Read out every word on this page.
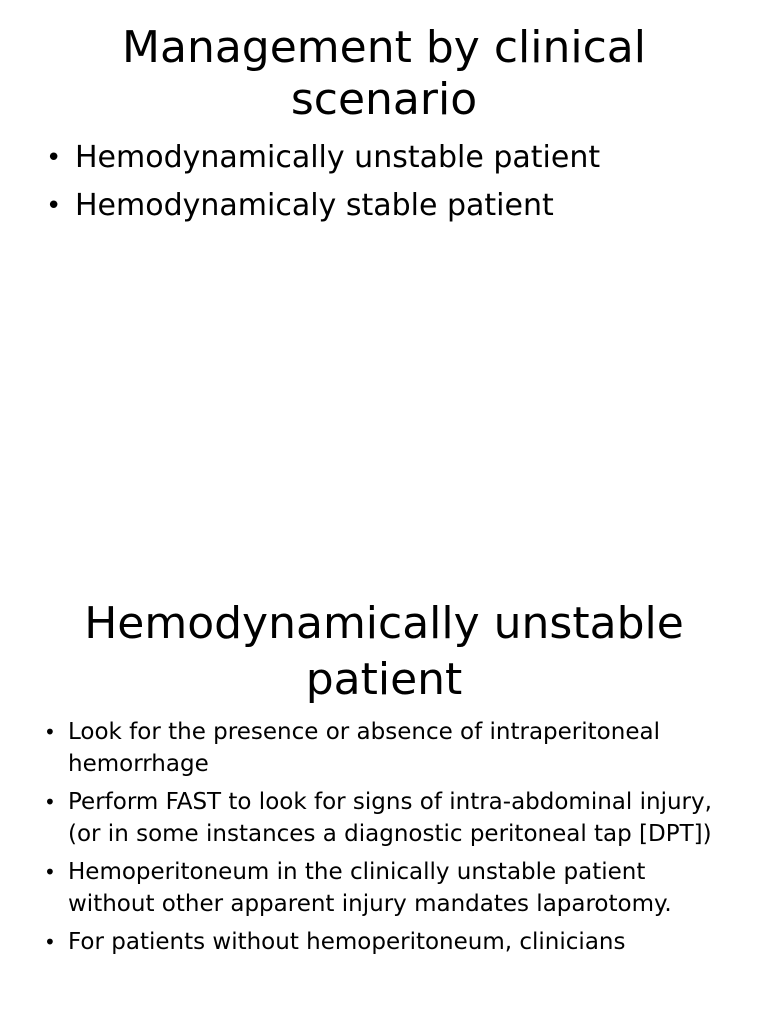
Management by clinical scenario
• Hemodynamically unstable patient
• Hemodynamicaly stable patient
Hemodynamically unstable patient
• Look for the presence or absence of intraperitoneal hemorrhage
• Perform FAST to look for signs of intra-abdominal injury, (or in some instances a diagnostic peritoneal tap [DPT])
• Hemoperitoneum in the clinically unstable patient without other apparent injury mandates laparotomy.
• For patients without hemoperitoneum, clinicians
